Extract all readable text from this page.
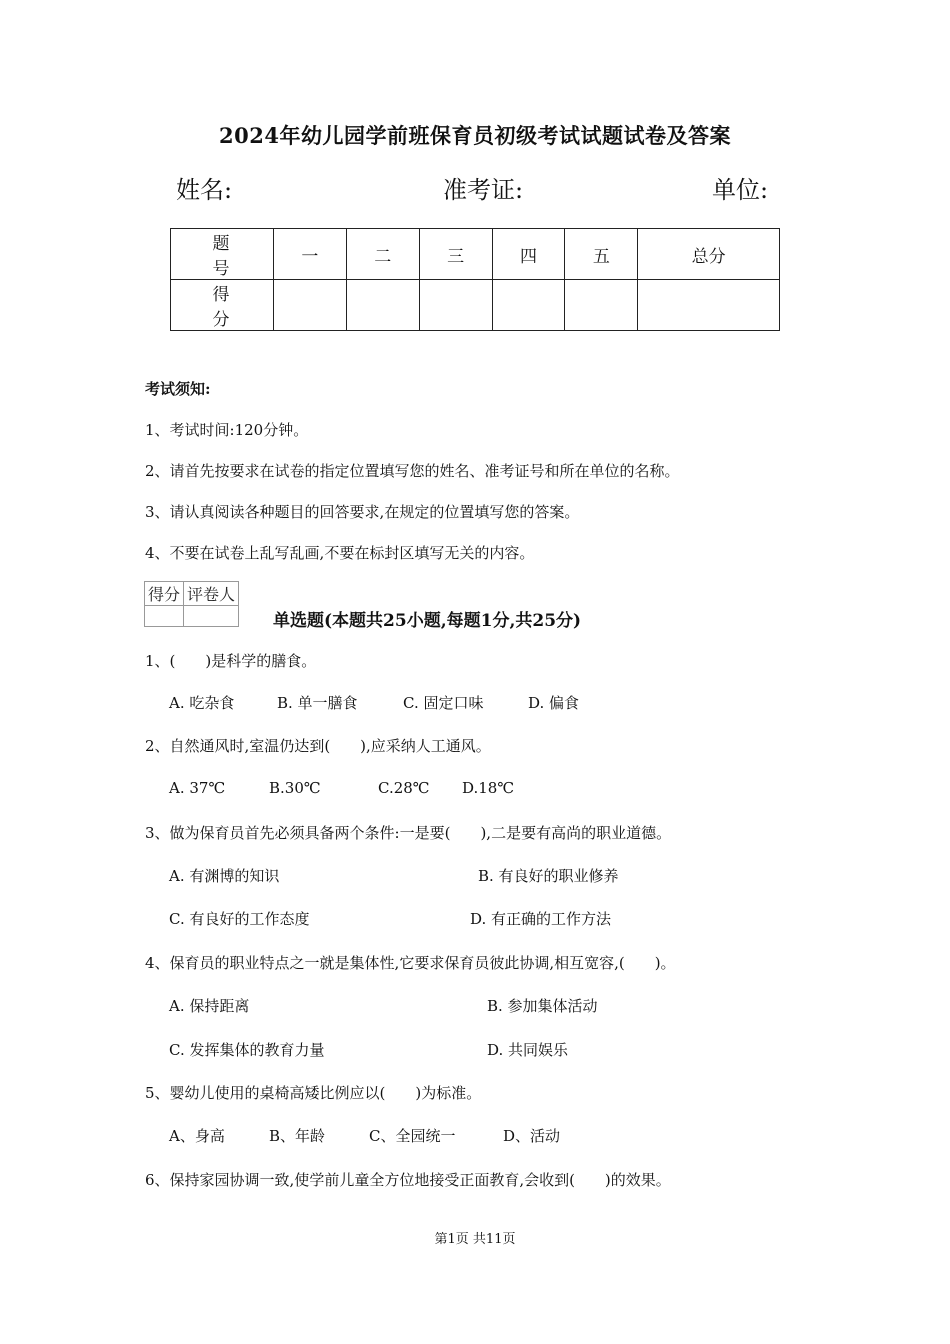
2024年幼儿园学前班保育员初级考试试题试卷及答案
姓名:	准考证:	单位:
题　号	一	二	三	四	五	总分
得　分						
考试须知:
1、考试时间:120分钟。
2、请首先按要求在试卷的指定位置填写您的姓名、准考证号和所在单位的名称。
3、请认真阅读各种题目的回答要求,在规定的位置填写您的答案。
4、不要在试卷上乱写乱画,不要在标封区填写无关的内容。
得分	评卷人

单选题(本题共25小题,每题1分,共25分)
1、(　　)是科学的膳食。
A. 吃杂食	B. 单一膳食	C. 固定口味	D. 偏食
2、自然通风时,室温仍达到(　　),应采纳人工通风。
A. 37℃	B.30℃	C.28℃ D.18℃
3、做为保育员首先必须具备两个条件:一是要(　　),二是要有高尚的职业道德。
A. 有渊博的知识	B. 有良好的职业修养
C. 有良好的工作态度	D. 有正确的工作方法
4、保育员的职业特点之一就是集体性,它要求保育员彼此协调,相互宽容,(　　)。
A. 保持距离	B. 参加集体活动
C. 发挥集体的教育力量	D. 共同娱乐
5、婴幼儿使用的桌椅高矮比例应以(　　)为标准。
A、身高	B、年龄	C、全园统一	D、活动
6、保持家园协调一致,使学前儿童全方位地接受正面教育,会收到(　　)的效果。
第1页 共11页
